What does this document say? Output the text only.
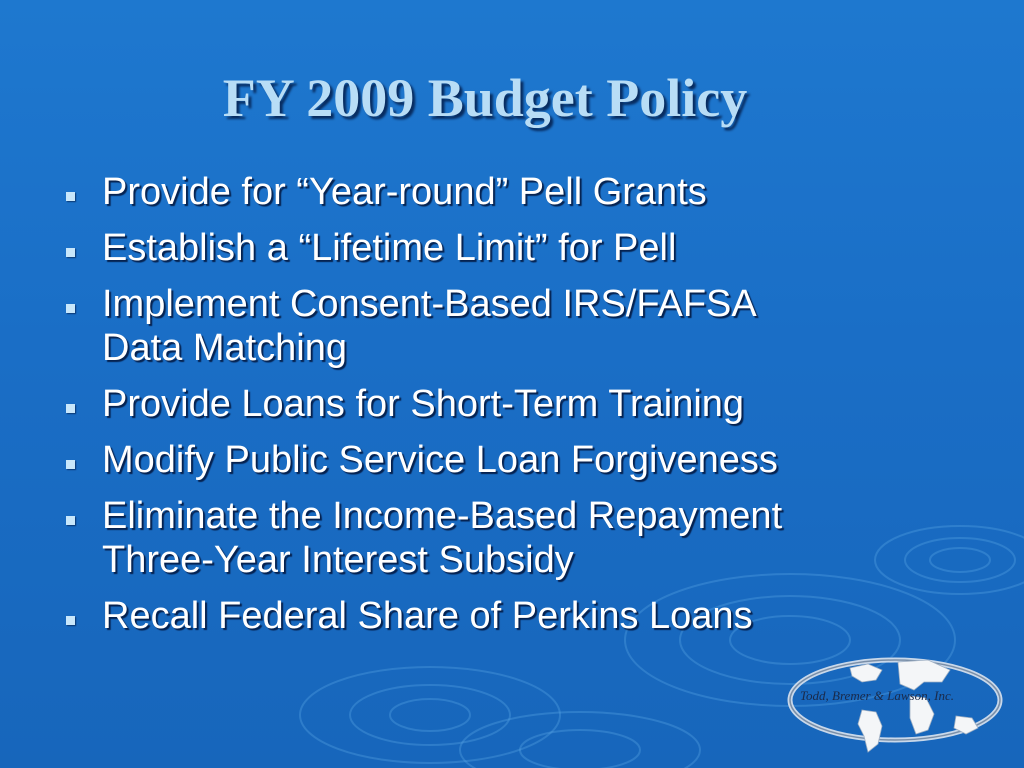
FY 2009 Budget Policy
Provide for “Year-round” Pell Grants
Establish a “Lifetime Limit” for Pell
Implement Consent-Based IRS/FAFSA
Data Matching
Provide Loans for Short-Term Training
Modify Public Service Loan Forgiveness
Eliminate the Income-Based Repayment
Three-Year Interest Subsidy
Recall Federal Share of Perkins Loans
Todd, Bremer & Lawson, Inc.
